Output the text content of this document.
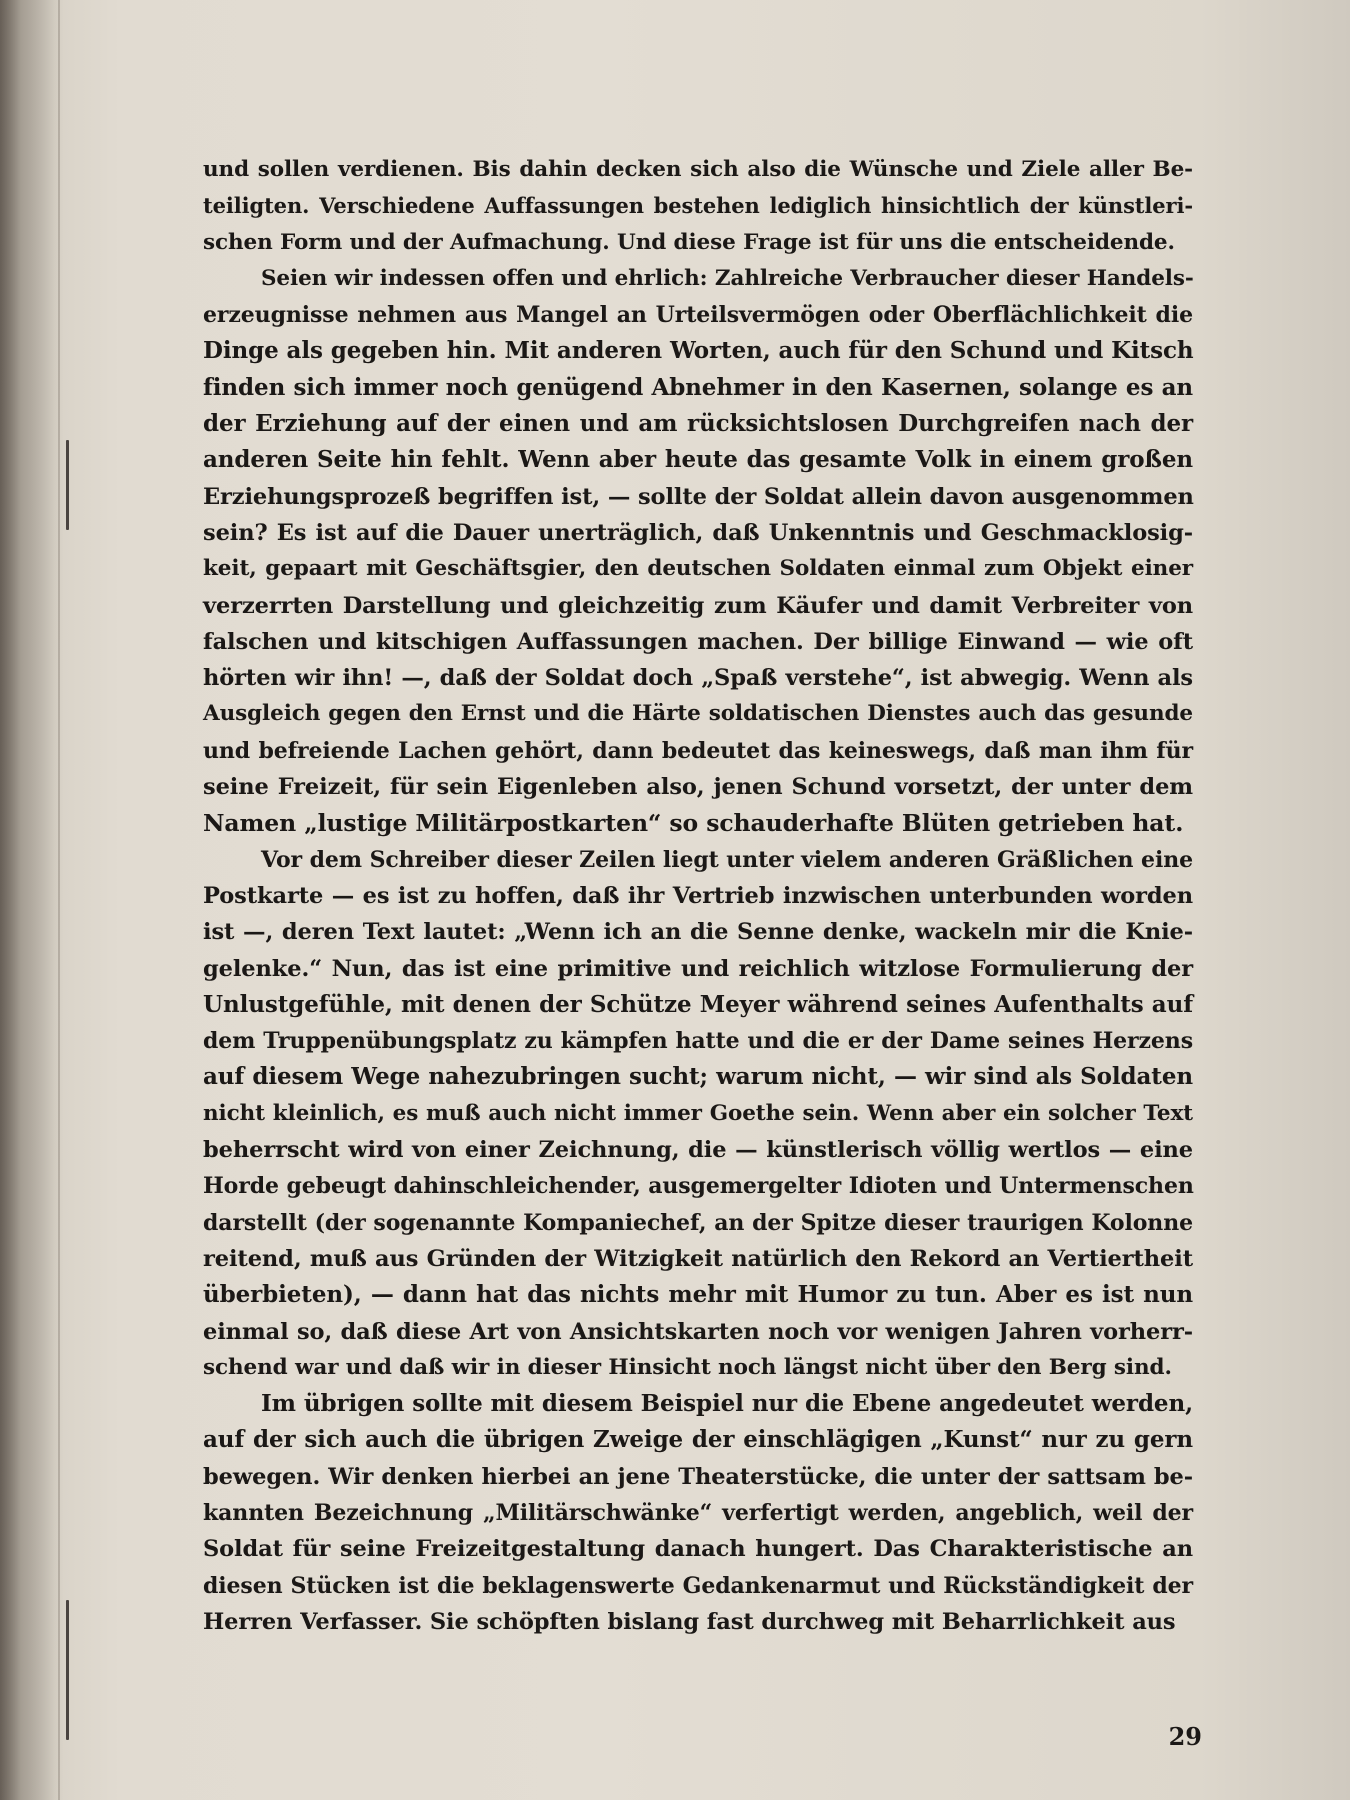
und sollen verdienen. Bis dahin decken sich also die Wünsche und Ziele aller Be-
teiligten. Verschiedene Auffassungen bestehen lediglich hinsichtlich der künstleri-
schen Form und der Aufmachung. Und diese Frage ist für uns die entscheidende.
Seien wir indessen offen und ehrlich: Zahlreiche Verbraucher dieser Handels-
erzeugnisse nehmen aus Mangel an Urteilsvermögen oder Oberflächlichkeit die
Dinge als gegeben hin. Mit anderen Worten, auch für den Schund und Kitsch
finden sich immer noch genügend Abnehmer in den Kasernen, solange es an
der Erziehung auf der einen und am rücksichtslosen Durchgreifen nach der
anderen Seite hin fehlt. Wenn aber heute das gesamte Volk in einem großen
Erziehungsprozeß begriffen ist, — sollte der Soldat allein davon ausgenommen
sein? Es ist auf die Dauer unerträglich, daß Unkenntnis und Geschmacklosig-
keit, gepaart mit Geschäftsgier, den deutschen Soldaten einmal zum Objekt einer
verzerrten Darstellung und gleichzeitig zum Käufer und damit Verbreiter von
falschen und kitschigen Auffassungen machen. Der billige Einwand — wie oft
hörten wir ihn! —, daß der Soldat doch „Spaß verstehe“, ist abwegig. Wenn als
Ausgleich gegen den Ernst und die Härte soldatischen Dienstes auch das gesunde
und befreiende Lachen gehört, dann bedeutet das keineswegs, daß man ihm für
seine Freizeit, für sein Eigenleben also, jenen Schund vorsetzt, der unter dem
Namen „lustige Militärpostkarten“ so schauderhafte Blüten getrieben hat.
Vor dem Schreiber dieser Zeilen liegt unter vielem anderen Gräßlichen eine
Postkarte — es ist zu hoffen, daß ihr Vertrieb inzwischen unterbunden worden
ist —, deren Text lautet: „Wenn ich an die Senne denke, wackeln mir die Knie-
gelenke.“ Nun, das ist eine primitive und reichlich witzlose Formulierung der
Unlustgefühle, mit denen der Schütze Meyer während seines Aufenthalts auf
dem Truppenübungsplatz zu kämpfen hatte und die er der Dame seines Herzens
auf diesem Wege nahezubringen sucht; warum nicht, — wir sind als Soldaten
nicht kleinlich, es muß auch nicht immer Goethe sein. Wenn aber ein solcher Text
beherrscht wird von einer Zeichnung, die — künstlerisch völlig wertlos — eine
Horde gebeugt dahinschleichender, ausgemergelter Idioten und Untermenschen
darstellt (der sogenannte Kompaniechef, an der Spitze dieser traurigen Kolonne
reitend, muß aus Gründen der Witzigkeit natürlich den Rekord an Vertiertheit
überbieten), — dann hat das nichts mehr mit Humor zu tun. Aber es ist nun
einmal so, daß diese Art von Ansichtskarten noch vor wenigen Jahren vorherr-
schend war und daß wir in dieser Hinsicht noch längst nicht über den Berg sind.
Im übrigen sollte mit diesem Beispiel nur die Ebene angedeutet werden,
auf der sich auch die übrigen Zweige der einschlägigen „Kunst“ nur zu gern
bewegen. Wir denken hierbei an jene Theaterstücke, die unter der sattsam be-
kannten Bezeichnung „Militärschwänke“ verfertigt werden, angeblich, weil der
Soldat für seine Freizeitgestaltung danach hungert. Das Charakteristische an
diesen Stücken ist die beklagenswerte Gedankenarmut und Rückständigkeit der
Herren Verfasser. Sie schöpften bislang fast durchweg mit Beharrlichkeit aus
29
